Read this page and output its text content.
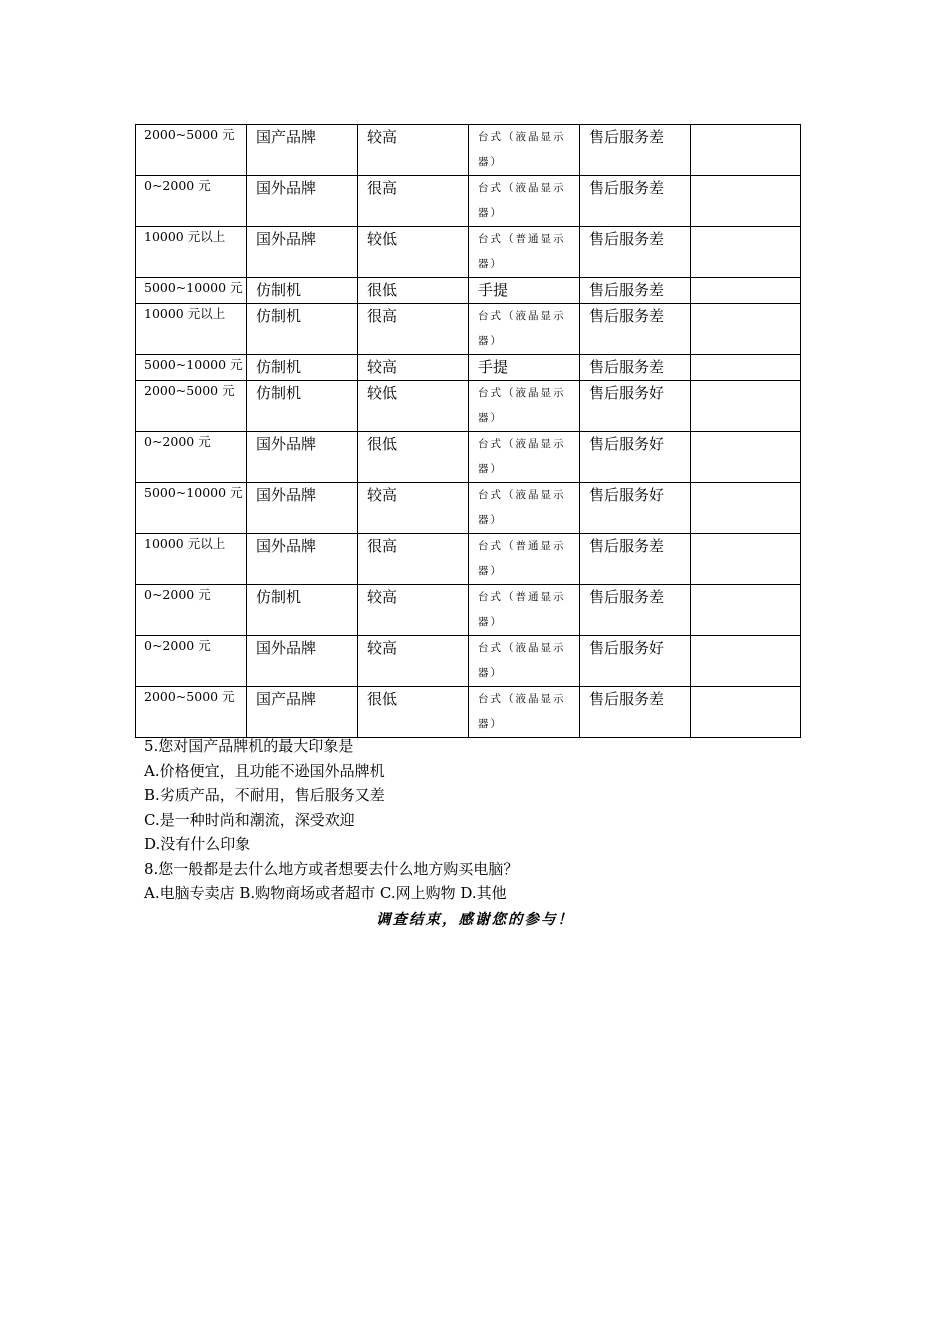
2000~5000 元	国产品牌	较高	台式（液晶显示器）	售后服务差	
0~2000 元	国外品牌	很高	台式（液晶显示器）	售后服务差	
10000 元以上	国外品牌	较低	台式（普通显示器）	售后服务差	
5000~10000 元	仿制机	很低	手提	售后服务差	
10000 元以上	仿制机	很高	台式（液晶显示器）	售后服务差	
5000~10000 元	仿制机	较高	手提	售后服务差	
2000~5000 元	仿制机	较低	台式（液晶显示器）	售后服务好	
0~2000 元	国外品牌	很低	台式（液晶显示器）	售后服务好	
5000~10000 元	国外品牌	较高	台式（液晶显示器）	售后服务好	
10000 元以上	国外品牌	很高	台式（普通显示器）	售后服务差	
0~2000 元	仿制机	较高	台式（普通显示器）	售后服务差	
0~2000 元	国外品牌	较高	台式（液晶显示器）	售后服务好	
2000~5000 元	国产品牌	很低	台式（液晶显示器）	售后服务差	
5.您对国产品牌机的最大印象是
A.价格便宜，且功能不逊国外品牌机
B.劣质产品，不耐用，售后服务又差
C.是一种时尚和潮流，深受欢迎
D.没有什么印象
8.您一般都是去什么地方或者想要去什么地方购买电脑？
A.电脑专卖店 B.购物商场或者超市 C.网上购物 D.其他
调查结束，感谢您的参与！
